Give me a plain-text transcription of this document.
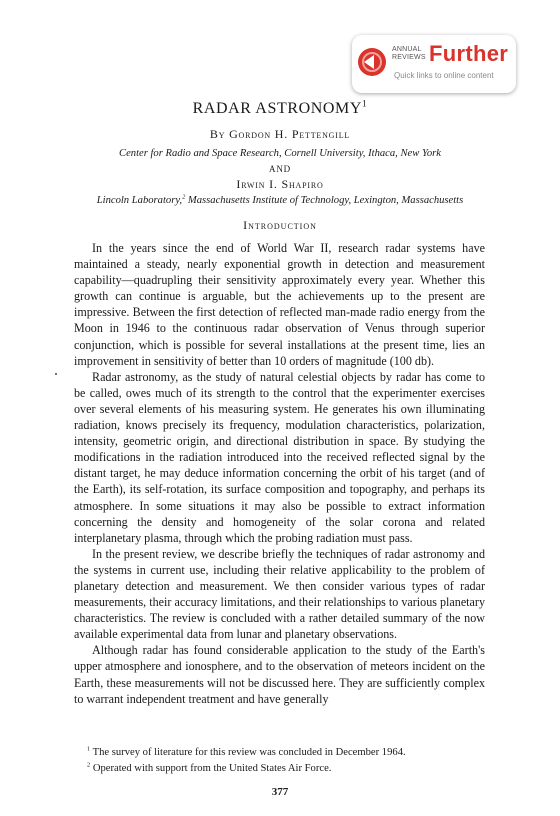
ANNUAL REVIEWS Further
Quick links to online content
RADAR ASTRONOMY$^1$
By Gordon H. Pettengill
Center for Radio and Space Research, Cornell University, Ithaca, New York
AND
Irwin I. Shapiro
Lincoln Laboratory,$^2$ Massachusetts Institute of Technology, Lexington, Massachusetts
Introduction

In the years since the end of World War II, research radar systems have maintained a steady, nearly exponential growth in detection and measurement capability—quadrupling their sensitivity approximately every year. Whether this growth can continue is arguable, but the achievements up to the present are impressive. Between the first detection of reflected man-made radio energy from the Moon in 1946 to the continuous radar observation of Venus through superior conjunction, which is possible for several installations at the present time, lies an improvement in sensitivity of better than 10 orders of magnitude (100 db).

Radar astronomy, as the study of natural celestial objects by radar has come to be called, owes much of its strength to the control that the experimenter exercises over several elements of his measuring system. He generates his own illuminating radiation, knows precisely its frequency, modulation characteristics, polarization, intensity, geometric origin, and directional distribution in space. By studying the modifications in the radiation introduced into the received reflected signal by the distant target, he may deduce information concerning the orbit of his target (and of the Earth), its self-rotation, its surface composition and topography, and perhaps its atmosphere. In some situations it may also be possible to extract information concerning the density and homogeneity of the solar corona and related interplanetary plasma, through which the probing radiation must pass.

In the present review, we describe briefly the techniques of radar astronomy and the systems in current use, including their relative applicability to the problem of planetary detection and measurement. We then consider various types of radar measurements, their accuracy limitations, and their relationships to various planetary characteristics. The review is concluded with a rather detailed summary of the now available experimental data from lunar and planetary observations.

Although radar has found considerable application to the study of the Earth's upper atmosphere and ionosphere, and to the observation of meteors incident on the Earth, these measurements will not be discussed here. They are sufficiently complex to warrant independent treatment and have generally

$^1$ The survey of literature for this review was concluded in December 1964.
$^2$ Operated with support from the United States Air Force.
377
